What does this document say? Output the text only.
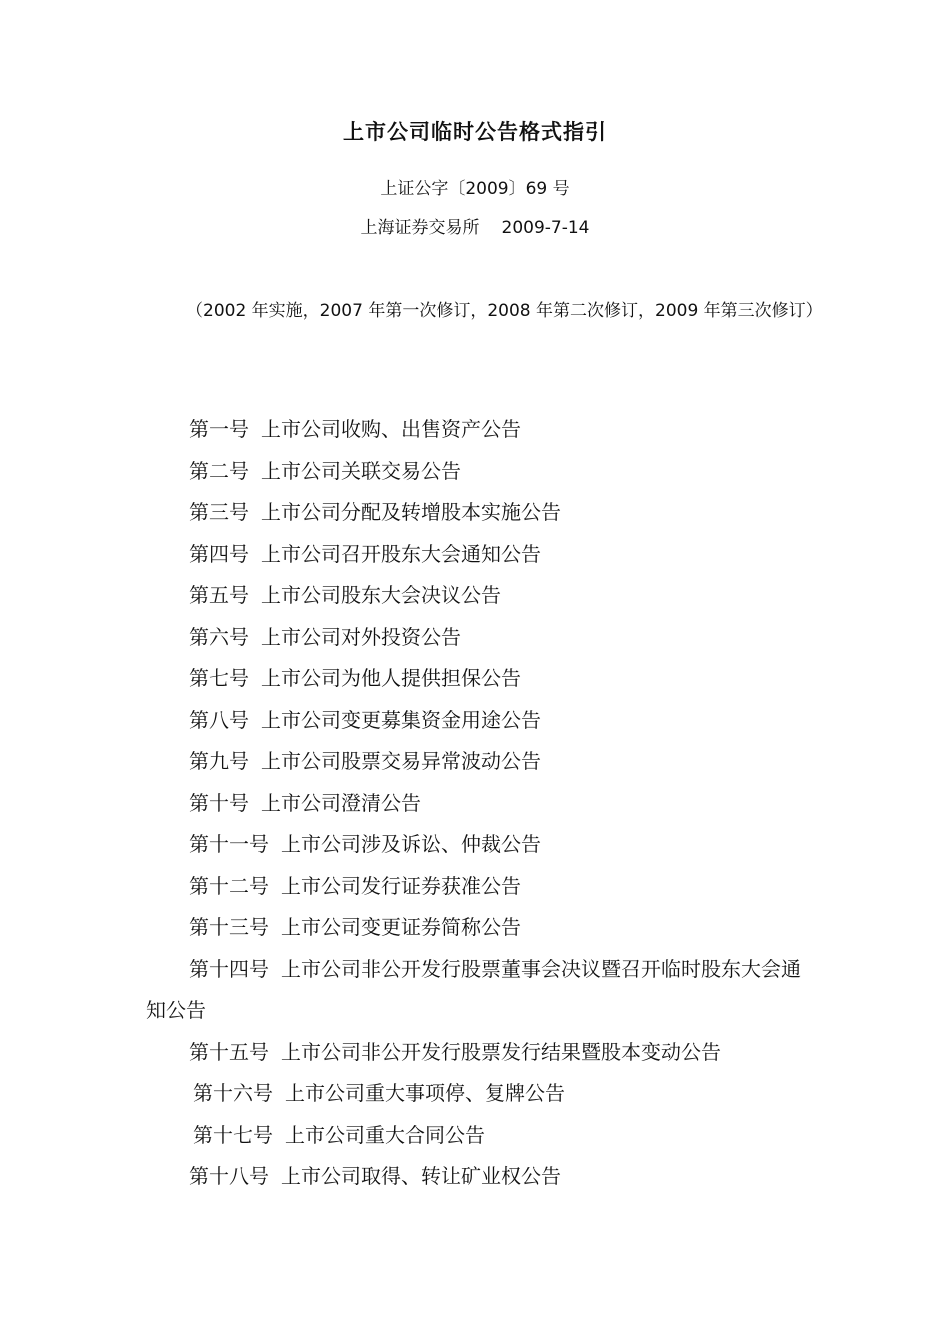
上市公司临时公告格式指引
上证公字〔2009〕69 号
上海证券交易所 2009-7-14

（2002 年实施，2007 年第一次修订，2008 年第二次修订，2009 年第三次修订）

第一号 上市公司收购、出售资产公告
第二号 上市公司关联交易公告
第三号 上市公司分配及转增股本实施公告
第四号 上市公司召开股东大会通知公告
第五号 上市公司股东大会决议公告
第六号 上市公司对外投资公告
第七号 上市公司为他人提供担保公告
第八号 上市公司变更募集资金用途公告
第九号 上市公司股票交易异常波动公告
第十号 上市公司澄清公告
第十一号 上市公司涉及诉讼、仲裁公告
第十二号 上市公司发行证券获准公告
第十三号 上市公司变更证券简称公告
第十四号 上市公司非公开发行股票董事会决议暨召开临时股东大会通知公告
第十五号 上市公司非公开发行股票发行结果暨股本变动公告
第十六号 上市公司重大事项停、复牌公告
第十七号 上市公司重大合同公告
第十八号 上市公司取得、转让矿业权公告
